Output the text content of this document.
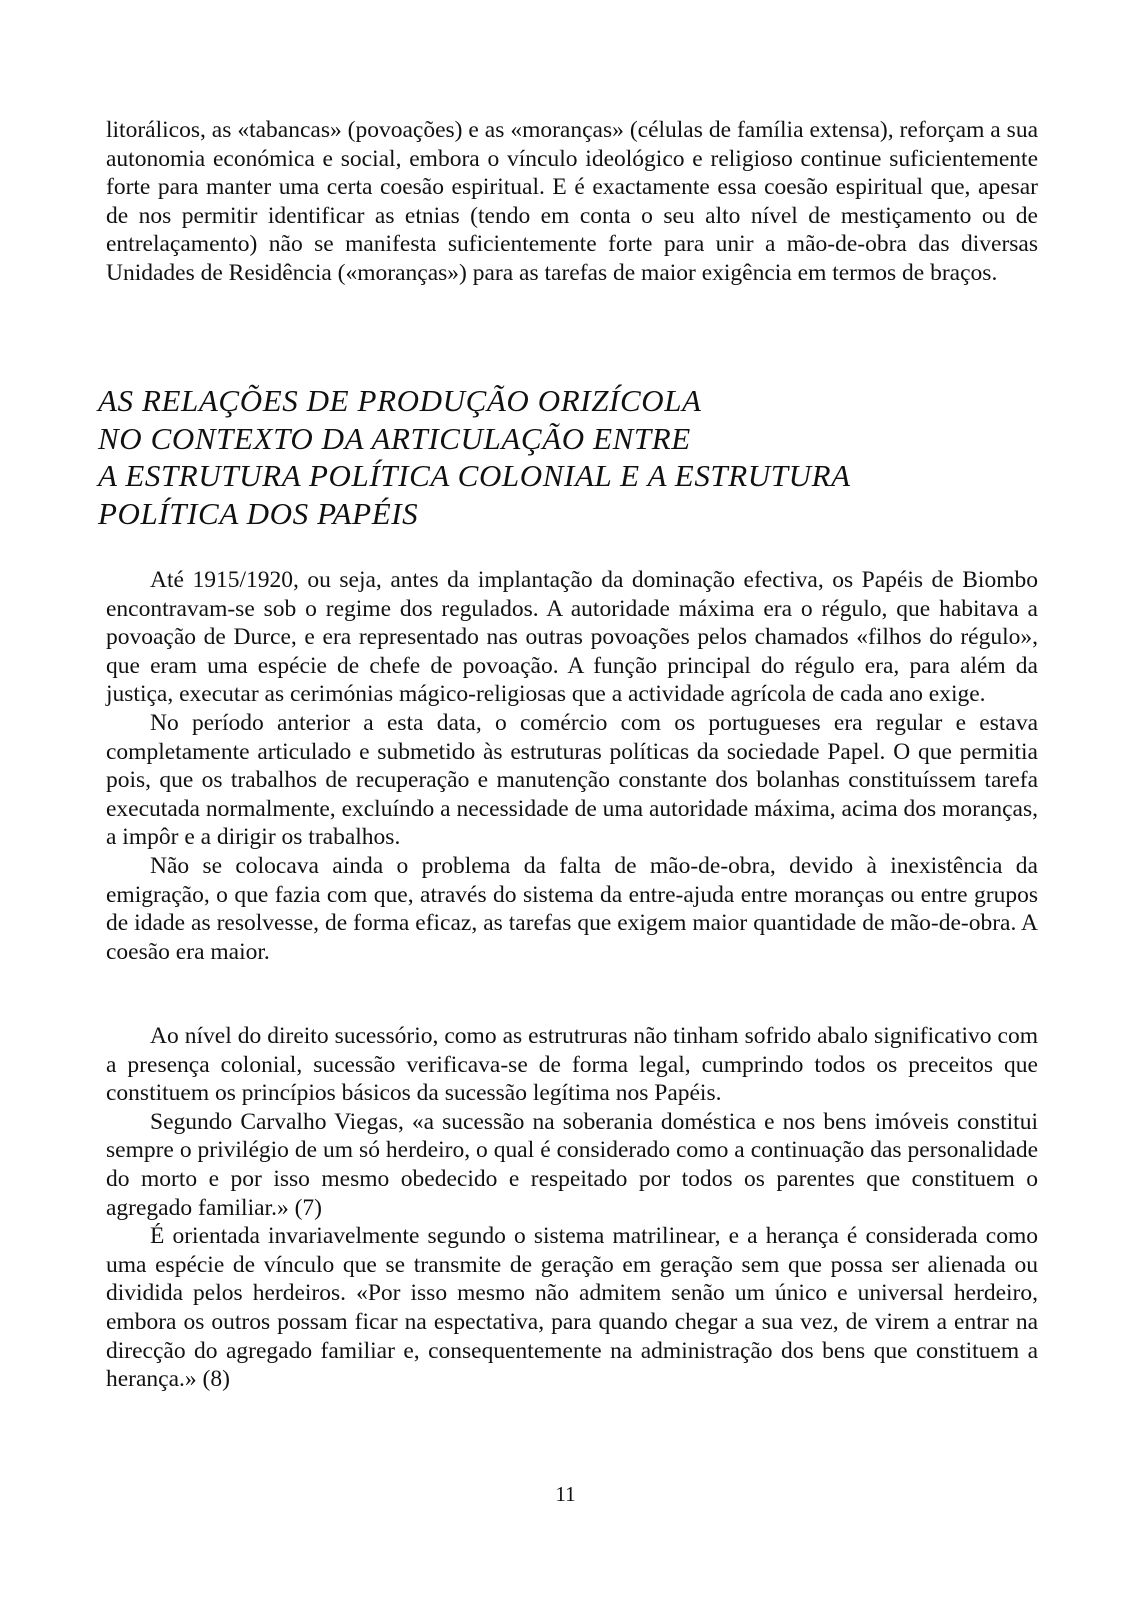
litorálicos, as «tabancas» (povoações) e as «moranças» (células de família extensa), reforçam a sua autonomia económica e social, embora o vínculo ideológico e religioso continue suficientemente forte para manter uma certa coesão espiritual. E é exactamente essa coesão espiritual que, apesar de nos permitir identificar as etnias (tendo em conta o seu alto nível de mestiçamento ou de entrelaçamento) não se manifesta suficientemente forte para unir a mão-de-obra das diversas Unidades de Residência («moranças») para as tarefas de maior exigência em termos de braços.

AS RELAÇÕES DE PRODUÇÃO ORIZÍCOLA
NO CONTEXTO DA ARTICULAÇÃO ENTRE
A ESTRUTURA POLÍTICA COLONIAL E A ESTRUTURA
POLÍTICA DOS PAPÉIS

Até 1915/1920, ou seja, antes da implantação da dominação efectiva, os Papéis de Biombo encontravam-se sob o regime dos regulados. A autoridade máxima era o régulo, que habitava a povoação de Durce, e era representado nas outras povoações pelos chamados «filhos do régulo», que eram uma espécie de chefe de povoação. A função principal do régulo era, para além da justiça, executar as cerimónias mágico-religiosas que a actividade agrícola de cada ano exige.

No período anterior a esta data, o comércio com os portugueses era regular e estava completamente articulado e submetido às estruturas políticas da sociedade Papel. O que permitia pois, que os trabalhos de recuperação e manutenção constante dos bolanhas constituíssem tarefa executada normalmente, excluíndo a necessidade de uma autoridade máxima, acima dos moranças, a impôr e a dirigir os trabalhos.

Não se colocava ainda o problema da falta de mão-de-obra, devido à inexistência da emigração, o que fazia com que, através do sistema da entre-ajuda entre moranças ou entre grupos de idade as resolvesse, de forma eficaz, as tarefas que exigem maior quantidade de mão-de-obra. A coesão era maior.

Ao nível do direito sucessório, como as estrutruras não tinham sofrido abalo significativo com a presença colonial, sucessão verificava-se de forma legal, cumprindo todos os preceitos que constituem os princípios básicos da sucessão legítima nos Papéis.

Segundo Carvalho Viegas, «a sucessão na soberania doméstica e nos bens imóveis constitui sempre o privilégio de um só herdeiro, o qual é considerado como a continuação das personalidade do morto e por isso mesmo obedecido e respeitado por todos os parentes que constituem o agregado familiar.» (7)

É orientada invariavelmente segundo o sistema matrilinear, e a herança é considerada como uma espécie de vínculo que se transmite de geração em geração sem que possa ser alienada ou dividida pelos herdeiros. «Por isso mesmo não admitem senão um único e universal herdeiro, embora os outros possam ficar na espectativa, para quando chegar a sua vez, de virem a entrar na direcção do agregado familiar e, consequentemente na administração dos bens que constituem a herança.» (8)

11
